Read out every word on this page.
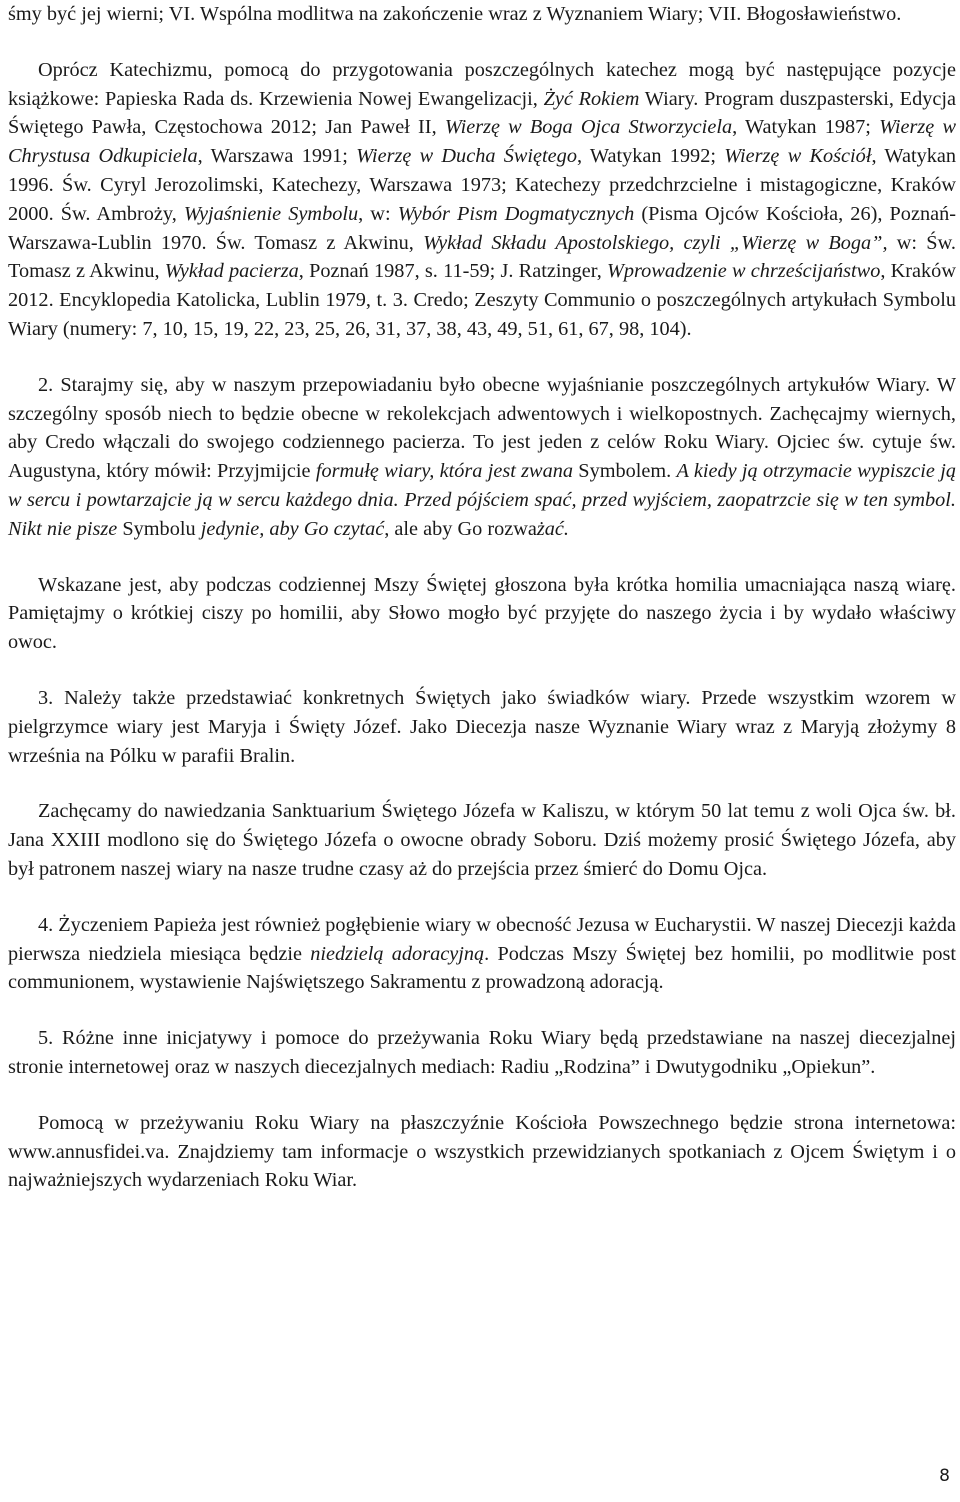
śmy być jej wierni; VI. Wspólna modlitwa na zakończenie wraz z Wyznaniem Wiary; VII. Błogosławieństwo.

Oprócz Katechizmu, pomocą do przygotowania poszczególnych katechez mogą być następujące pozycje książkowe: Papieska Rada ds. Krzewienia Nowej Ewangelizacji, Żyć Rokiem Wiary. Program duszpasterski, Edycja Świętego Pawła, Częstochowa 2012; Jan Paweł II, Wierzę w Boga Ojca Stworzyciela, Watykan 1987; Wierzę w Chrystusa Odkupiciela, Warszawa 1991; Wierzę w Ducha Świętego, Watykan 1992; Wierzę w Kościół, Watykan 1996. Św. Cyryl Jerozolimski, Katechezy, Warszawa 1973; Katechezy przedchrzcielne i mistagogiczne, Kraków 2000. Św. Ambroży, Wyjaśnienie Symbolu, w: Wybór Pism Dogmatycznych (Pisma Ojców Kościoła, 26), Poznań-Warszawa-Lublin 1970. Św. Tomasz z Akwinu, Wykład Składu Apostolskiego, czyli „Wierzę w Boga”, w: Św. Tomasz z Akwinu, Wykład pacierza, Poznań 1987, s. 11-59; J. Ratzinger, Wprowadzenie w chrześcijaństwo, Kraków 2012. Encyklopedia Katolicka, Lublin 1979, t. 3. Credo; Zeszyty Communio o poszczególnych artykułach Symbolu Wiary (numery: 7, 10, 15, 19, 22, 23, 25, 26, 31, 37, 38, 43, 49, 51, 61, 67, 98, 104).

2. Starajmy się, aby w naszym przepowiadaniu było obecne wyjaśnianie poszczególnych artykułów Wiary. W szczególny sposób niech to będzie obecne w rekolekcjach adwentowych i wielkopostnych. Zachęcajmy wiernych, aby Credo włączali do swojego codziennego pacierza. To jest jeden z celów Roku Wiary. Ojciec św. cytuje św. Augustyna, który mówił: Przyjmijcie formułę wiary, która jest zwana Symbolem. A kiedy ją otrzymacie wypiszcie ją w sercu i powtarzajcie ją w sercu każdego dnia. Przed pójściem spać, przed wyjściem, zaopatrzcie się w ten symbol. Nikt nie pisze Symbolu jedynie, aby Go czytać, ale aby Go rozważać.

Wskazane jest, aby podczas codziennej Mszy Świętej głoszona była krótka homilia umacniająca naszą wiarę. Pamiętajmy o krótkiej ciszy po homilii, aby Słowo mogło być przyjęte do naszego życia i by wydało właściwy owoc.

3. Należy także przedstawiać konkretnych Świętych jako świadków wiary. Przede wszystkim wzorem w pielgrzymce wiary jest Maryja i Święty Józef. Jako Diecezja nasze Wyznanie Wiary wraz z Maryją złożymy 8 września na Pólku w parafii Bralin.

Zachęcamy do nawiedzania Sanktuarium Świętego Józefa w Kaliszu, w którym 50 lat temu z woli Ojca św. bł. Jana XXIII modlono się do Świętego Józefa o owocne obrady Soboru. Dziś możemy prosić Świętego Józefa, aby był patronem naszej wiary na nasze trudne czasy aż do przejścia przez śmierć do Domu Ojca.

4. Życzeniem Papieża jest również pogłębienie wiary w obecność Jezusa w Eucharystii. W naszej Diecezji każda pierwsza niedziela miesiąca będzie niedzielą adoracyjną. Podczas Mszy Świętej bez homilii, po modlitwie post communionem, wystawienie Najświętszego Sakramentu z prowadzoną adoracją.

5. Różne inne inicjatywy i pomoce do przeżywania Roku Wiary będą przedstawiane na naszej diecezjalnej stronie internetowej oraz w naszych diecezjalnych mediach: Radiu „Rodzina” i Dwutygodniku „Opiekun”.

Pomocą w przeżywaniu Roku Wiary na płaszczyźnie Kościoła Powszechnego będzie strona internetowa: www.annusfidei.va. Znajdziemy tam informacje o wszystkich przewidzianych spotkaniach z Ojcem Świętym i o najważniejszych wydarzeniach Roku Wiar.

8
